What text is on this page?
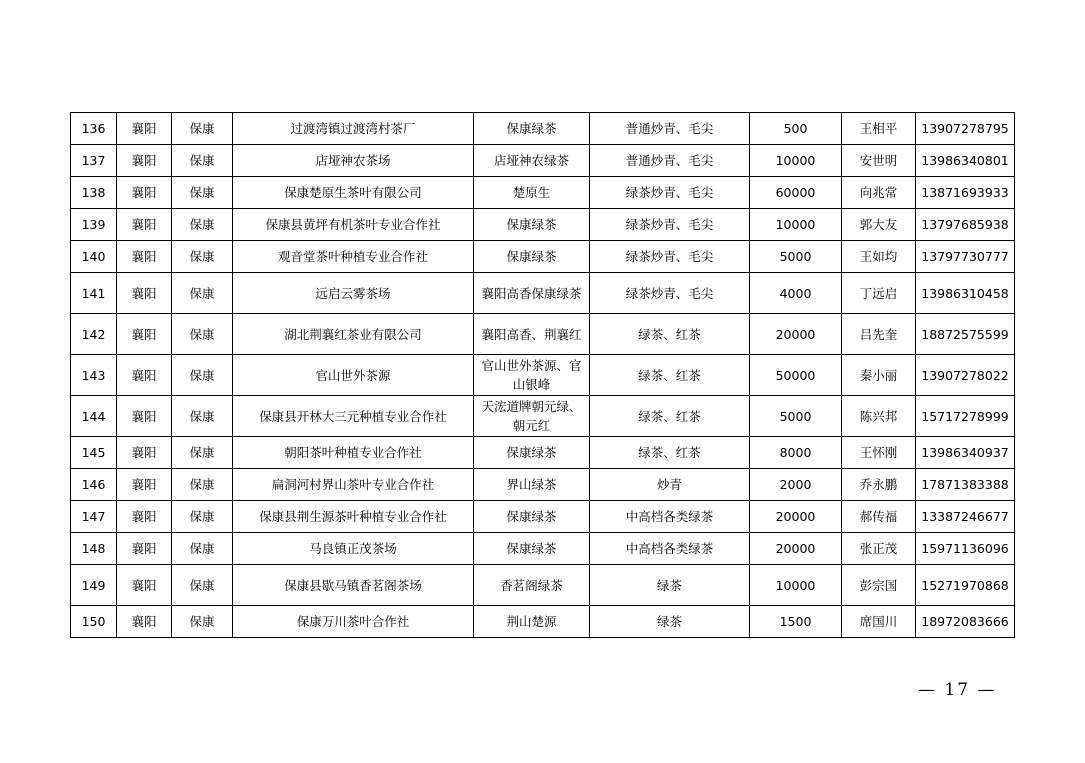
136	襄阳	保康	过渡湾镇过渡湾村茶厂	保康绿茶	普通炒青、毛尖	500	王相平	13907278795
137	襄阳	保康	店垭神农茶场	店垭神农绿茶	普通炒青、毛尖	10000	安世明	13986340801
138	襄阳	保康	保康楚原生茶叶有限公司	楚原生	绿茶炒青、毛尖	60000	向兆常	13871693933
139	襄阳	保康	保康县黄坪有机茶叶专业合作社	保康绿茶	绿茶炒青、毛尖	10000	郭大友	13797685938
140	襄阳	保康	观音堂茶叶种植专业合作社	保康绿茶	绿茶炒青、毛尖	5000	王如均	13797730777
141	襄阳	保康	远启云雾茶场	襄阳高香保康绿茶	绿茶炒青、毛尖	4000	丁远启	13986310458
142	襄阳	保康	湖北荆襄红茶业有限公司	襄阳高香、荆襄红	绿茶、红茶	20000	吕先奎	18872575599
143	襄阳	保康	官山世外茶源	官山世外茶源、官山银峰	绿茶、红茶	50000	秦小丽	13907278022
144	襄阳	保康	保康县开林大三元种植专业合作社	天浤道牌朝元绿、朝元红	绿茶、红茶	5000	陈兴邦	15717278999
145	襄阳	保康	朝阳茶叶种植专业合作社	保康绿茶	绿茶、红茶	8000	王怀刚	13986340937
146	襄阳	保康	扁洞河村界山茶叶专业合作社	界山绿茶	炒青	2000	乔永鹏	17871383388
147	襄阳	保康	保康县荆生源茶叶种植专业合作社	保康绿茶	中高档各类绿茶	20000	郝传福	13387246677
148	襄阳	保康	马良镇正茂茶场	保康绿茶	中高档各类绿茶	20000	张正茂	15971136096
149	襄阳	保康	保康县歇马镇香茗阁茶场	香茗阁绿茶	绿茶	10000	彭宗国	15271970868
150	襄阳	保康	保康万川茶叶合作社	荆山楚源	绿茶	1500	席国川	18972083666
— 17 —
